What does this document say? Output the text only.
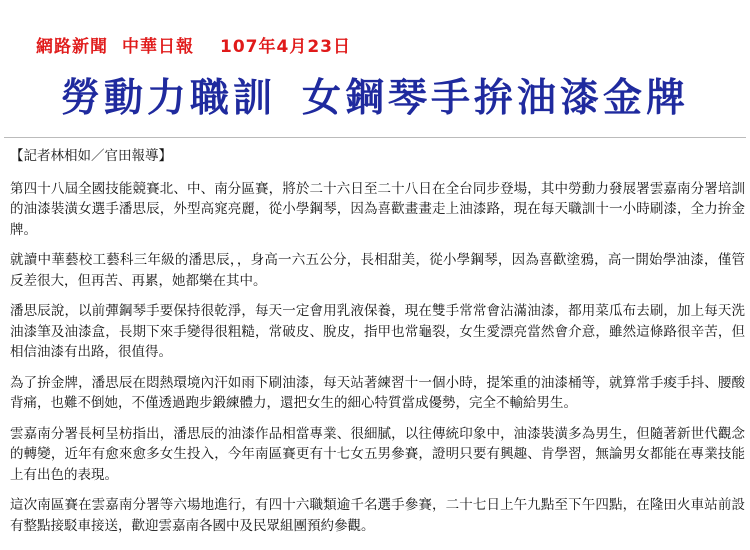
網路新聞 中華日報 107年4月23日
勞動力職訓 女鋼琴手拚油漆金牌

【記者林相如／官田報導】

第四十八屆全國技能競賽北、中、南分區賽，將於二十六日至二十八日在全台同步登場，其中勞動力發展署雲嘉南分署培訓的油漆裝潢女選手潘思辰，外型高窕亮麗，從小學鋼琴，因為喜歡畫畫走上油漆路，現在每天職訓十一小時刷漆，全力拚金牌。

就讀中華藝校工藝科三年級的潘思辰，，身高一六五公分，長相甜美，從小學鋼琴，因為喜歡塗鴉，高一開始學油漆，僅管反差很大，但再苦、再累，她都樂在其中。

潘思辰說，以前彈鋼琴手要保持很乾淨，每天一定會用乳液保養，現在雙手常常會沾滿油漆，都用菜瓜布去刷，加上每天洗油漆筆及油漆盒，長期下來手變得很粗糙，常破皮、脫皮，指甲也常龜裂，女生愛漂亮當然會介意，雖然這條路很辛苦，但相信油漆有出路，很值得。

為了拚金牌，潘思辰在悶熱環境內汗如雨下刷油漆，每天站著練習十一個小時，提笨重的油漆桶等，就算常手痠手抖、腰酸背痛，也難不倒她，不僅透過跑步鍛練體力，還把女生的細心特質當成優勢，完全不輸給男生。

雲嘉南分署長柯呈枋指出，潘思辰的油漆作品相當專業、很細膩，以往傳統印象中，油漆裝潢多為男生，但隨著新世代觀念的轉變，近年有愈來愈多女生投入，今年南區賽更有十七女五男參賽，證明只要有興趣、肯學習，無論男女都能在專業技能上有出色的表現。

這次南區賽在雲嘉南分署等六場地進行，有四十六職類逾千名選手參賽，二十七日上午九點至下午四點，在隆田火車站前設有整點接駁車接送，歡迎雲嘉南各國中及民眾組團預約參觀。
